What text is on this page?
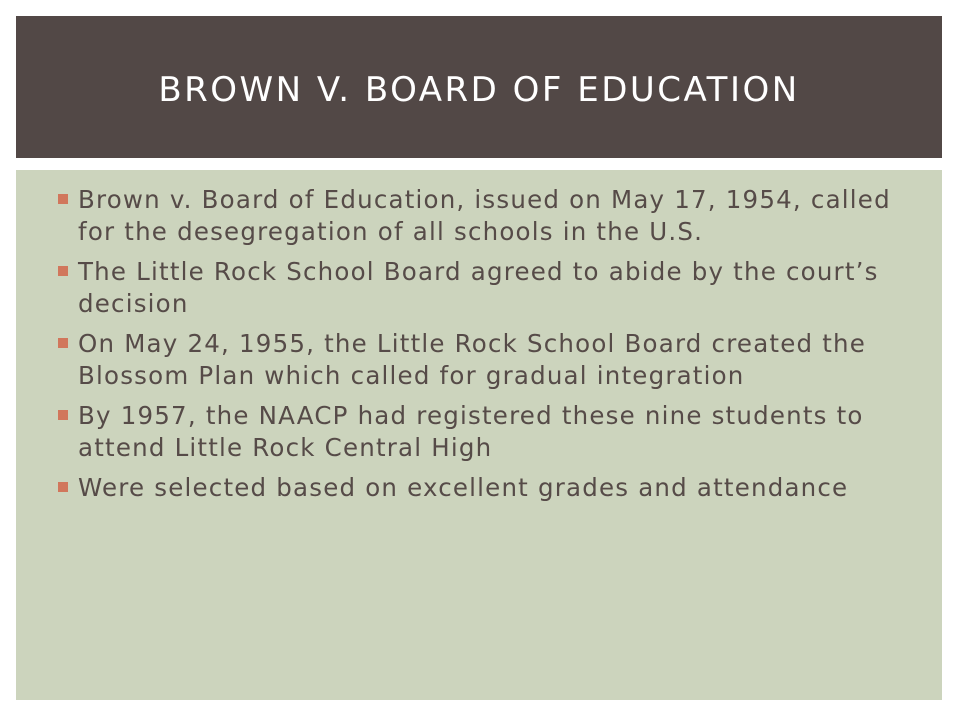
BROWN V. BOARD OF EDUCATION
Brown v. Board of Education, issued on May 17, 1954, called for the desegregation of all schools in the U.S.
The Little Rock School Board agreed to abide by the court’s decision
On May 24, 1955, the Little Rock School Board created the Blossom Plan which called for gradual integration
By 1957, the NAACP had registered these nine students to attend Little Rock Central High
Were selected based on excellent grades and attendance
